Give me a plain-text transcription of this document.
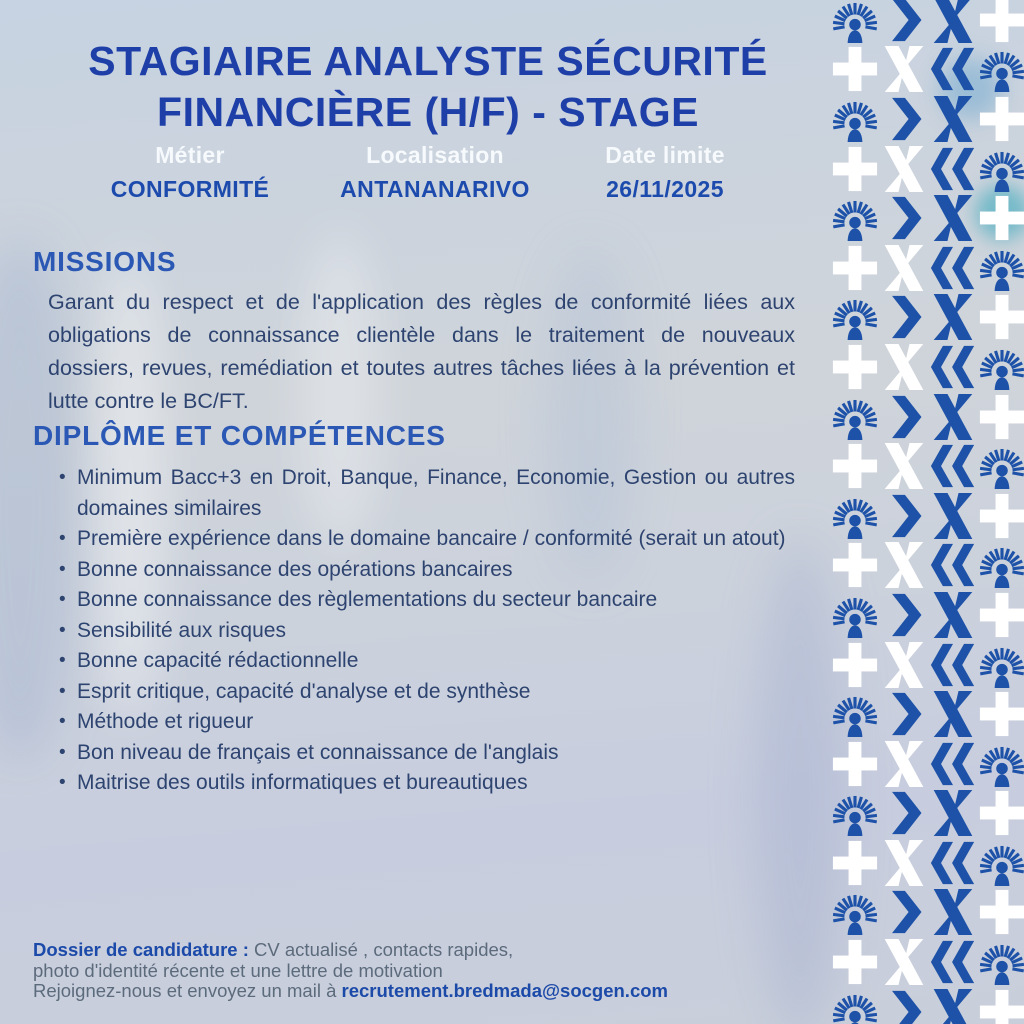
STAGIAIRE ANALYSTE SÉCURITÉ
FINANCIÈRE (H/F) - STAGE
Métier
CONFORMITÉ
Localisation
ANTANANARIVO
Date limite
26/11/2025
MISSIONS

Garant du respect et de l'application des règles de conformité liées aux obligations de connaissance clientèle dans le traitement de nouveaux dossiers, revues, remédiation et toutes autres tâches liées à la prévention et lutte contre le BC/FT.

DIPLÔME ET COMPÉTENCES
• Minimum Bacc+3 en Droit, Banque, Finance, Economie, Gestion ou autres domaines similaires
• Première expérience dans le domaine bancaire / conformité (serait un atout)
• Bonne connaissance des opérations bancaires
• Bonne connaissance des règlementations du secteur bancaire
• Sensibilité aux risques
• Bonne capacité rédactionnelle
• Esprit critique, capacité d'analyse et de synthèse
• Méthode et rigueur
• Bon niveau de français et connaissance de l'anglais
• Maitrise des outils informatiques et bureautiques
Dossier de candidature : CV actualisé , contacts rapides,
photo d'identité récente et une lettre de motivation
Rejoignez-nous et envoyez un mail à recrutement.bredmada@socgen.com
